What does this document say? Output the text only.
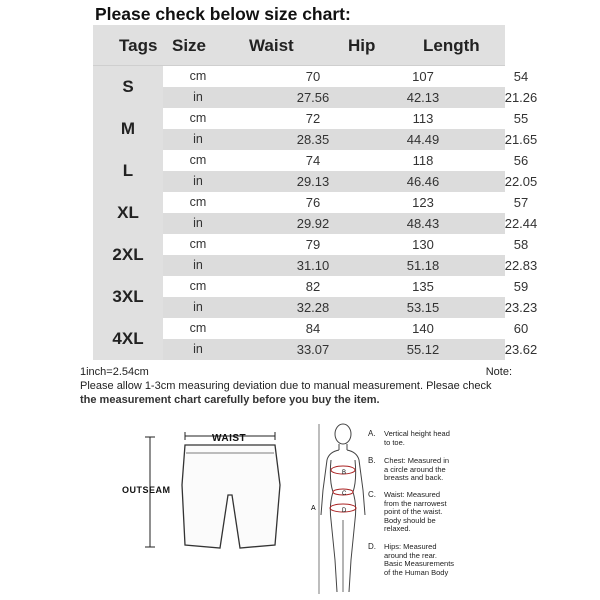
Please check below size chart:
Tags Size	Waist	Hip	Length
S
cm	70	107	54
in	27.56	42.13	21.26
M
cm	72	113	55
in	28.35	44.49	21.65
L
cm	74	118	56
in	29.13	46.46	22.05
XL
cm	76	123	57
in	29.92	48.43	22.44
2XL
cm	79	130	58
in	31.10	51.18	22.83
3XL
cm	82	135	59
in	32.28	53.15	23.23
4XL
cm	84	140	60
in	33.07	55.12	23.62
1inch=2.54cm	Note:
Please allow 1-3cm measuring deviation due to manual measurement. Plesae check
the measurement chart carefully before you buy the item.
WAIST
OUTSEAM
A
B
C
D
A. Vertical height head
to toe.
B. Chest: Measured in
a circle around the
breasts and back.
C. Waist: Measured
from the narrowest
point of the waist.
Body should be
relaxed.
D. Hips: Measured
around the rear.
Basic Measurements
of the Human Body
